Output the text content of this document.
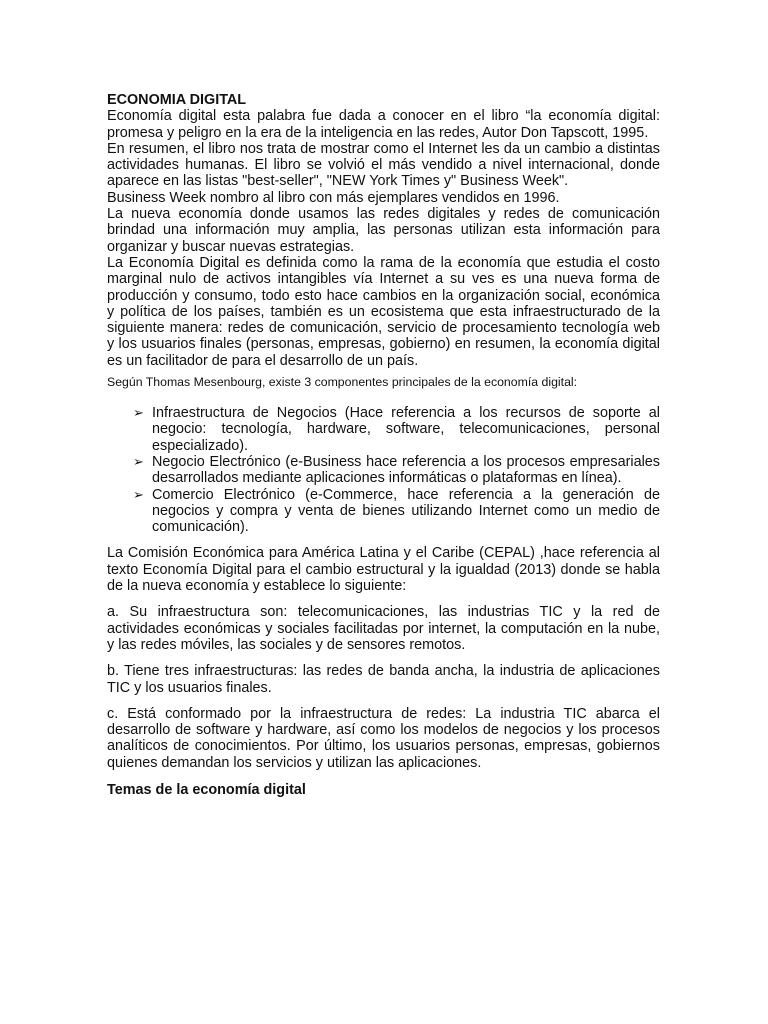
ECONOMIA DIGITAL

Economía digital esta palabra fue dada a conocer en el libro “la economía digital: promesa y peligro en la era de la inteligencia en las redes, Autor Don Tapscott, 1995.

En resumen, el libro nos trata de mostrar como el Internet les da un cambio a distintas actividades humanas. El libro se volvió el más vendido a nivel internacional, donde aparece en las listas "best-seller", "NEW York Times y" Business Week".

Business Week nombro al libro con más ejemplares vendidos en 1996.

La nueva economía donde usamos las redes digitales y redes de comunicación brindad una información muy amplia, las personas utilizan esta información para organizar y buscar nuevas estrategias.

La Economía Digital es definida como la rama de la economía que estudia el costo marginal nulo de activos intangibles vía Internet a su ves es una nueva forma de producción y consumo, todo esto hace cambios en la organización social, económica y política de los países, también es un ecosistema que esta infraestructurado de la siguiente manera: redes de comunicación, servicio de procesamiento tecnología web y los usuarios finales (personas, empresas, gobierno) en resumen, la economía digital es un facilitador de para el desarrollo de un país.

Según Thomas Mesenbourg, existe 3 componentes principales de la economía digital:

➢ Infraestructura de Negocios (Hace referencia a los recursos de soporte al negocio: tecnología, hardware, software, telecomunicaciones, personal especializado).
➢ Negocio Electrónico (e-Business hace referencia a los procesos empresariales desarrollados mediante aplicaciones informáticas o plataformas en línea).
➢ Comercio Electrónico (e-Commerce, hace referencia a la generación de negocios y compra y venta de bienes utilizando Internet como un medio de comunicación).

La Comisión Económica para América Latina y el Caribe (CEPAL) ,hace referencia al texto Economía Digital para el cambio estructural y la igualdad (2013) donde se habla de la nueva economía y establece lo siguiente:

a. Su infraestructura son: telecomunicaciones, las industrias TIC y la red de actividades económicas y sociales facilitadas por internet, la computación en la nube, y las redes móviles, las sociales y de sensores remotos.

b. Tiene tres infraestructuras: las redes de banda ancha, la industria de aplicaciones TIC y los usuarios finales.

c. Está conformado por la infraestructura de redes: La industria TIC abarca el desarrollo de software y hardware, así como los modelos de negocios y los procesos analíticos de conocimientos. Por último, los usuarios personas, empresas, gobiernos quienes demandan los servicios y utilizan las aplicaciones.

Temas de la economía digital
